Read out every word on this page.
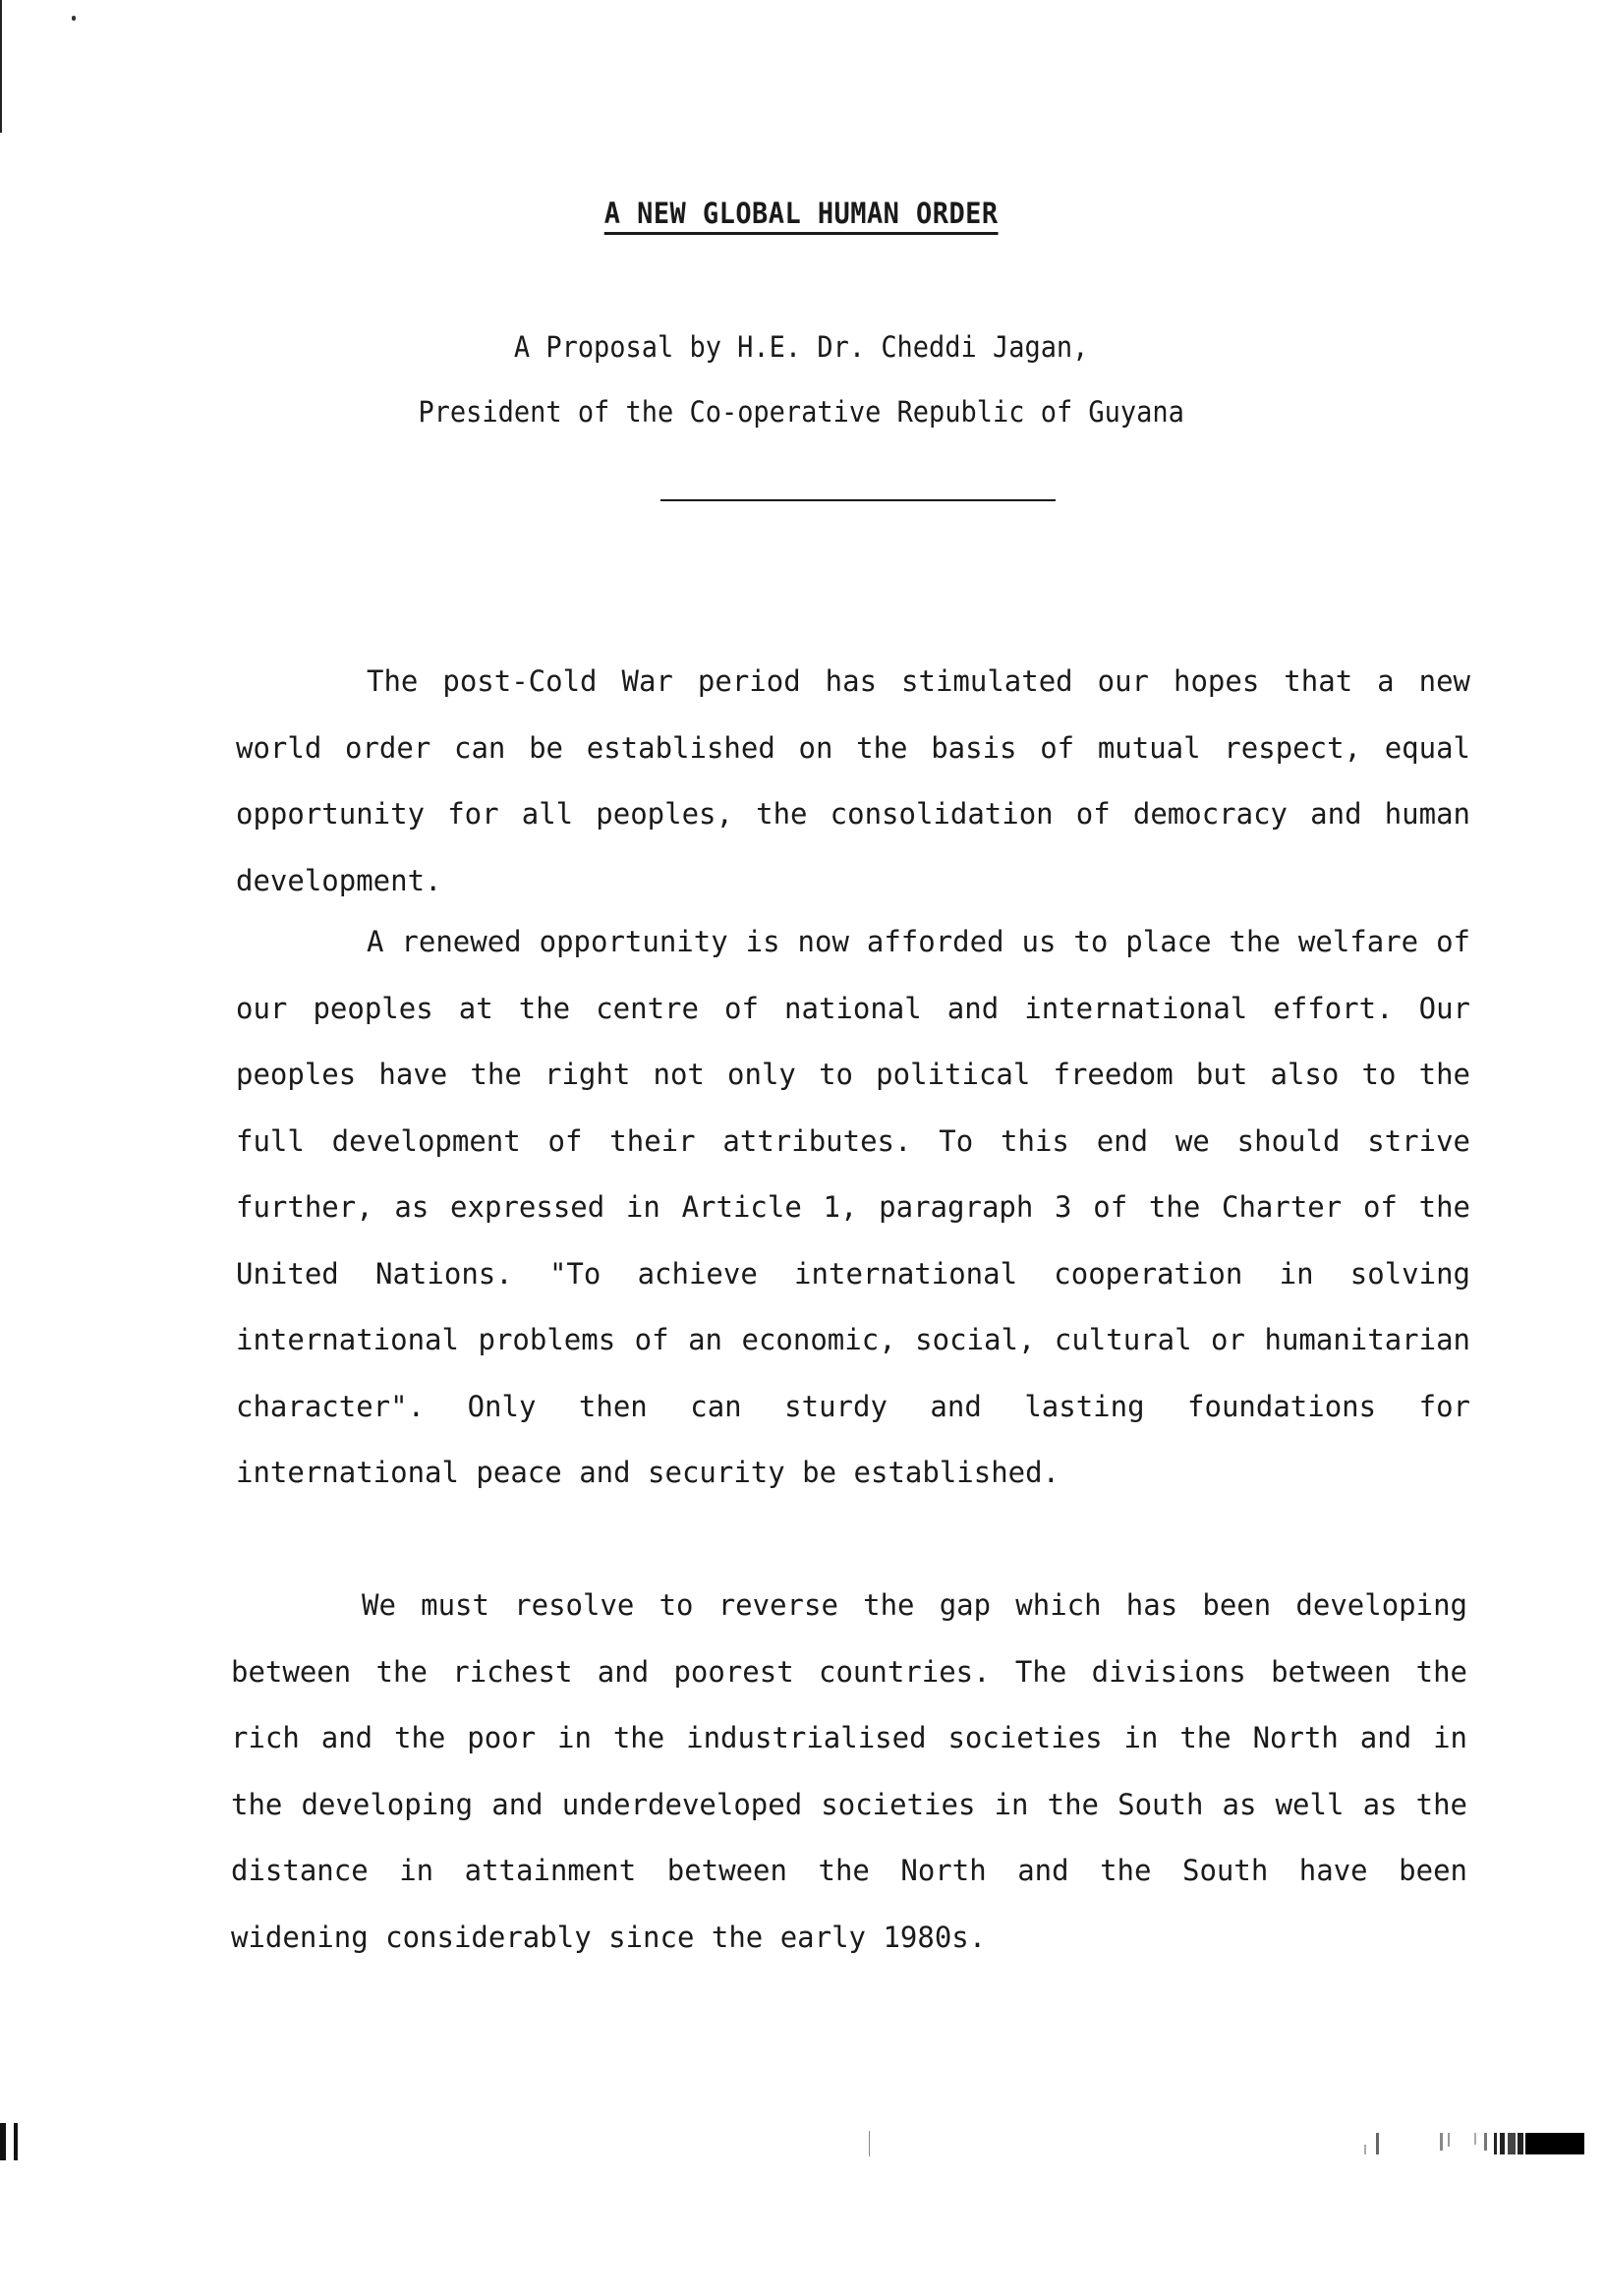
A NEW GLOBAL HUMAN ORDER
A Proposal by H.E. Dr. Cheddi Jagan,
President of the Co-operative Republic of Guyana

The post-Cold War period has stimulated our hopes that a new world order can be established on the basis of mutual respect, equal opportunity for all peoples, the consolidation of democracy and human development.

A renewed opportunity is now afforded us to place the welfare of our peoples at the centre of national and international effort. Our peoples have the right not only to political freedom but also to the full development of their attributes. To this end we should strive further, as expressed in Article 1, paragraph 3 of the Charter of the United Nations. "To achieve international cooperation in solving international problems of an economic, social, cultural or humanitarian character". Only then can sturdy and lasting foundations for international peace and security be established.

We must resolve to reverse the gap which has been developing between the richest and poorest countries. The divisions between the rich and the poor in the industrialised societies in the North and in the developing and underdeveloped societies in the South as well as the distance in attainment between the North and the South have been widening considerably since the early 1980s.
